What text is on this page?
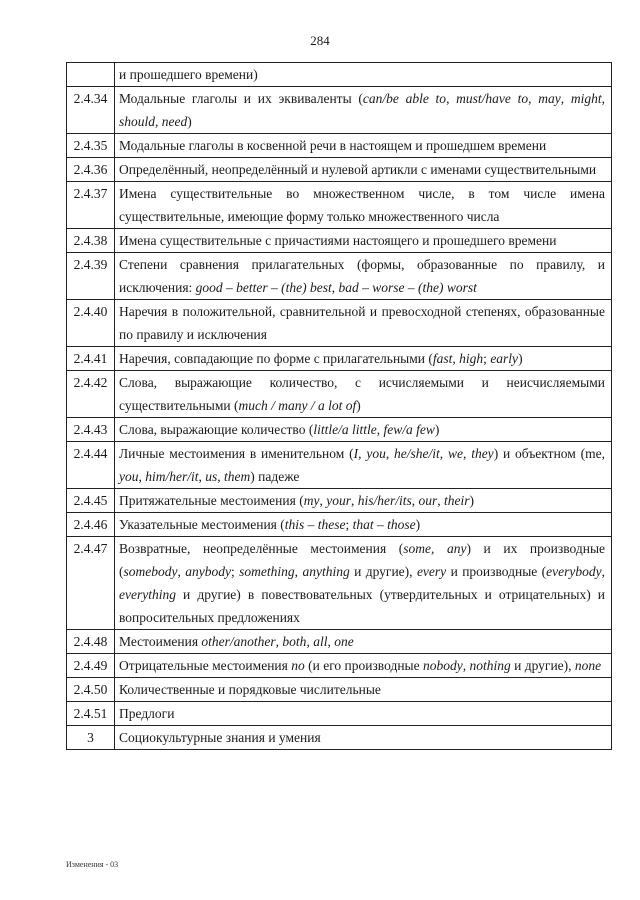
284
	и прошедшего времени)
2.4.34	Модальные глаголы и их эквиваленты (can/be able to, must/have to, may, might, should, need)
2.4.35	Модальные глаголы в косвенной речи в настоящем и прошедшем времени
2.4.36	Определённый, неопределённый и нулевой артикли с именами существительными
2.4.37	Имена существительные во множественном числе, в том числе имена существительные, имеющие форму только множественного числа
2.4.38	Имена существительные с причастиями настоящего и прошедшего времени
2.4.39	Степени сравнения прилагательных (формы, образованные по правилу, и исключения: good – better – (the) best, bad – worse – (the) worst
2.4.40	Наречия в положительной, сравнительной и превосходной степенях, образованные по правилу и исключения
2.4.41	Наречия, совпадающие по форме с прилагательными (fast, high; early)
2.4.42	Слова, выражающие количество, с исчисляемыми и неисчисляемыми существительными (much / many / a lot of)
2.4.43	Слова, выражающие количество (little/a little, few/a few)
2.4.44	Личные местоимения в именительном (I, you, he/she/it, we, they) и объектном (me, you, him/her/it, us, them) падеже
2.4.45	Притяжательные местоимения (my, your, his/her/its, our, their)
2.4.46	Указательные местоимения (this – these; that – those)
2.4.47	Возвратные, неопределённые местоимения (some, any) и их производные (somebody, anybody; something, anything и другие), every и производные (everybody, everything и другие) в повествовательных (утвердительных и отрицательных) и вопросительных предложениях
2.4.48	Местоимения other/another, both, all, one
2.4.49	Отрицательные местоимения no (и его производные nobody, nothing и другие), none
2.4.50	Количественные и порядковые числительные
2.4.51	Предлоги
3	Социокультурные знания и умения
Изменения - 03
